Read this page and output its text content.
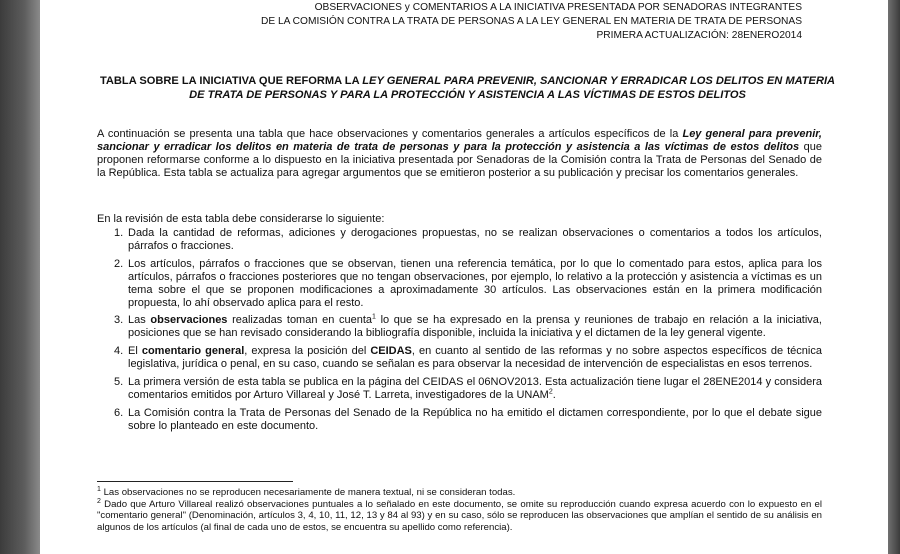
OBSERVACIONES y COMENTARIOS A LA INICIATIVA PRESENTADA POR SENADORAS INTEGRANTES
DE LA COMISIÓN CONTRA LA TRATA DE PERSONAS A LA LEY GENERAL EN MATERIA DE TRATA DE PERSONAS
PRIMERA ACTUALIZACIÓN: 28ENERO2014
TABLA SOBRE LA INICIATIVA QUE REFORMA LA LEY GENERAL PARA PREVENIR, SANCIONAR Y ERRADICAR LOS DELITOS EN MATERIA DE TRATA DE PERSONAS Y PARA LA PROTECCIÓN Y ASISTENCIA A LAS VÍCTIMAS DE ESTOS DELITOS
A continuación se presenta una tabla que hace observaciones y comentarios generales a artículos específicos de la Ley general para prevenir, sancionar y erradicar los delitos en materia de trata de personas y para la protección y asistencia a las víctimas de estos delitos que proponen reformarse conforme a lo dispuesto en la iniciativa presentada por Senadoras de la Comisión contra la Trata de Personas del Senado de la República. Esta tabla se actualiza para agregar argumentos que se emitieron posterior a su publicación y precisar los comentarios generales.
En la revisión de esta tabla debe considerarse lo siguiente:
1. Dada la cantidad de reformas, adiciones y derogaciones propuestas, no se realizan observaciones o comentarios a todos los artículos, párrafos o fracciones.
2. Los artículos, párrafos o fracciones que se observan, tienen una referencia temática, por lo que lo comentado para estos, aplica para los artículos, párrafos o fracciones posteriores que no tengan observaciones, por ejemplo, lo relativo a la protección y asistencia a víctimas es un tema sobre el que se proponen modificaciones a aproximadamente 30 artículos. Las observaciones están en la primera modificación propuesta, lo ahí observado aplica para el resto.
3. Las observaciones realizadas toman en cuenta$^1$ lo que se ha expresado en la prensa y reuniones de trabajo en relación a la iniciativa, posiciones que se han revisado considerando la bibliografía disponible, incluida la iniciativa y el dictamen de la ley general vigente.
4. El comentario general, expresa la posición del CEIDAS, en cuanto al sentido de las reformas y no sobre aspectos específicos de técnica legislativa, jurídica o penal, en su caso, cuando se señalan es para observar la necesidad de intervención de especialistas en esos terrenos.
5. La primera versión de esta tabla se publica en la página del CEIDAS el 06NOV2013. Esta actualización tiene lugar el 28ENE2014 y considera comentarios emitidos por Arturo Villareal y José T. Larreta, investigadores de la UNAM$^2$.
6. La Comisión contra la Trata de Personas del Senado de la República no ha emitido el dictamen correspondiente, por lo que el debate sigue sobre lo planteado en este documento.
$^1$ Las observaciones no se reproducen necesariamente de manera textual, ni se consideran todas.
$^2$ Dado que Arturo Villareal realizó observaciones puntuales a lo señalado en este documento, se omite su reproducción cuando expresa acuerdo con lo expuesto en el "comentario general" (Denominación, artículos 3, 4, 10, 11, 12, 13 y 84 al 93) y en su caso, sólo se reproducen las observaciones que amplían el sentido de su análisis en algunos de los artículos (al final de cada uno de estos, se encuentra su apellido como referencia).
